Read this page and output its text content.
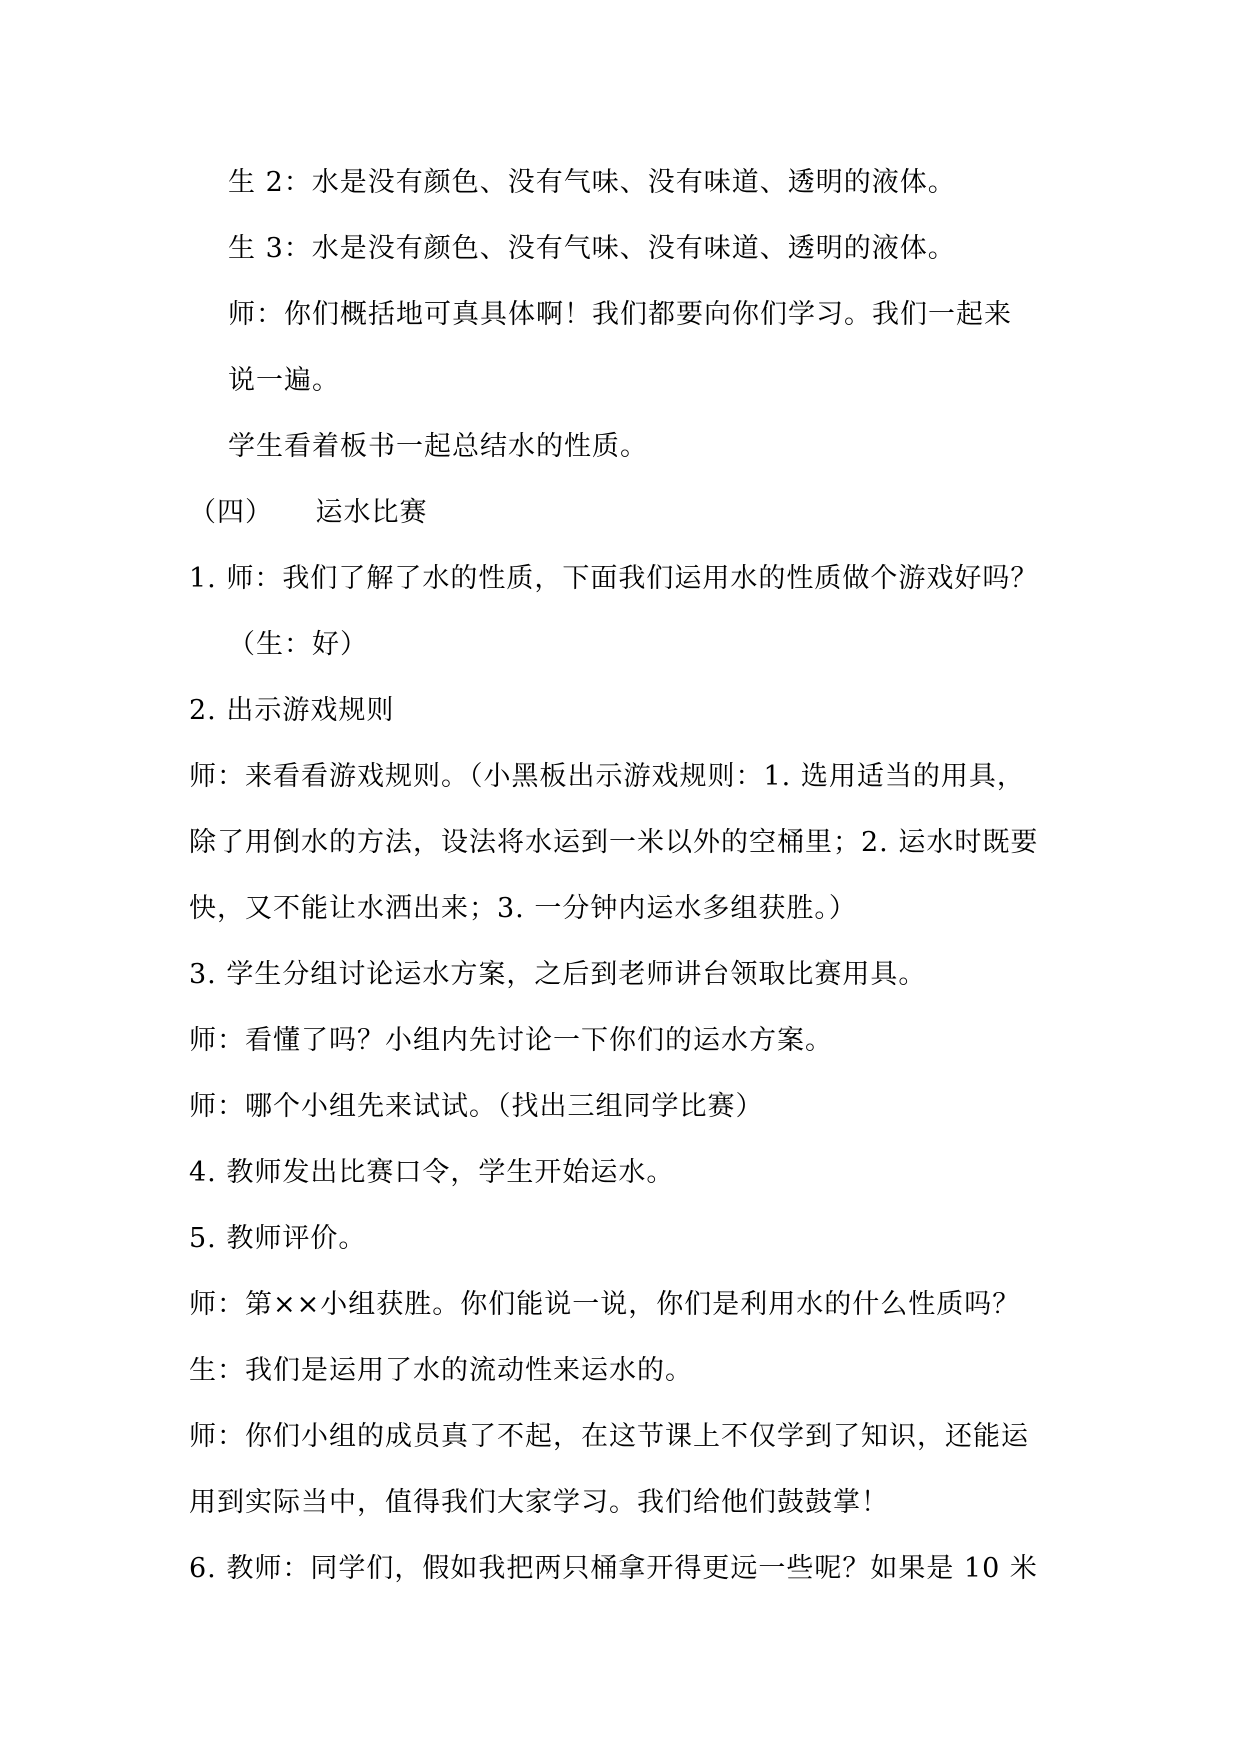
生 2：水是没有颜色、没有气味、没有味道、透明的液体。
生 3：水是没有颜色、没有气味、没有味道、透明的液体。
师：你们概括地可真具体啊！我们都要向你们学习。我们一起来
说一遍。
学生看着板书一起总结水的性质。
（四）　　运水比赛
1. 师：我们了解了水的性质，下面我们运用水的性质做个游戏好吗？
（生：好）
2. 出示游戏规则
师：来看看游戏规则。（小黑板出示游戏规则：1. 选用适当的用具，
除了用倒水的方法，设法将水运到一米以外的空桶里；2. 运水时既要
快，又不能让水洒出来；3. 一分钟内运水多组获胜。）
3. 学生分组讨论运水方案，之后到老师讲台领取比赛用具。
师：看懂了吗？小组内先讨论一下你们的运水方案。
师：哪个小组先来试试。（找出三组同学比赛）
4. 教师发出比赛口令，学生开始运水。
5. 教师评价。
师：第××小组获胜。你们能说一说，你们是利用水的什么性质吗？
生：我们是运用了水的流动性来运水的。
师：你们小组的成员真了不起，在这节课上不仅学到了知识，还能运
用到实际当中，值得我们大家学习。我们给他们鼓鼓掌！
6. 教师：同学们，假如我把两只桶拿开得更远一些呢？如果是 10 米
